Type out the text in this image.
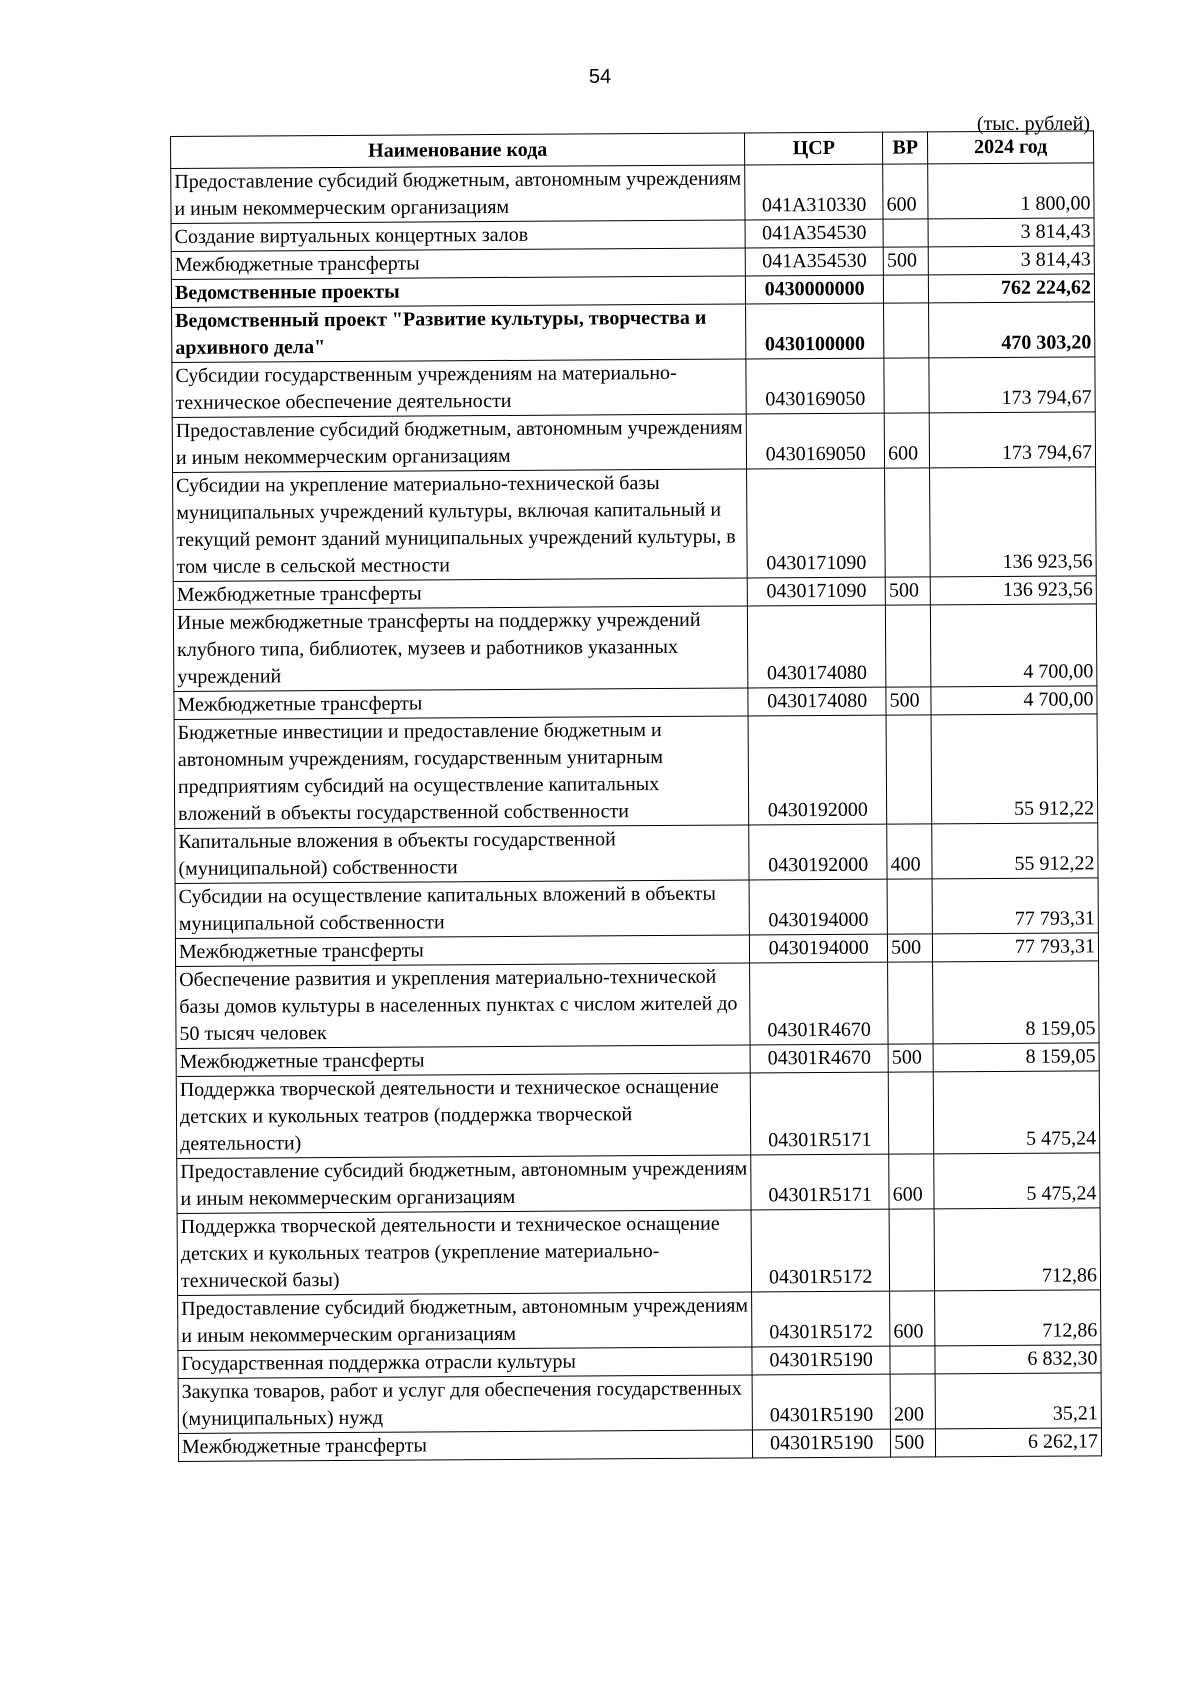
54
(тыс. рублей)
Наименование кода	ЦСР	ВР	2024 год
Предоставление субсидий бюджетным, автономным учреждениям и иным некоммерческим организациям	041A310330	600	1 800,00
Создание виртуальных концертных залов	041A354530		3 814,43
Межбюджетные трансферты	041A354530	500	3 814,43
Ведомственные проекты	0430000000		762 224,62
Ведомственный проект "Развитие культуры, творчества и архивного дела"	0430100000		470 303,20
Субсидии государственным учреждениям на материально-техническое обеспечение деятельности	0430169050		173 794,67
Предоставление субсидий бюджетным, автономным учреждениям и иным некоммерческим организациям	0430169050	600	173 794,67
Субсидии на укрепление материально-технической базы муниципальных учреждений культуры, включая капитальный и текущий ремонт зданий муниципальных учреждений культуры, в том числе в сельской местности	0430171090		136 923,56
Межбюджетные трансферты	0430171090	500	136 923,56
Иные межбюджетные трансферты на поддержку учреждений клубного типа, библиотек, музеев и работников указанных учреждений	0430174080		4 700,00
Межбюджетные трансферты	0430174080	500	4 700,00
Бюджетные инвестиции и предоставление бюджетным и автономным учреждениям, государственным унитарным предприятиям субсидий на осуществление капитальных вложений в объекты государственной собственности	0430192000		55 912,22
Капитальные вложения в объекты государственной (муниципальной) собственности	0430192000	400	55 912,22
Субсидии на осуществление капитальных вложений в объекты муниципальной собственности	0430194000		77 793,31
Межбюджетные трансферты	0430194000	500	77 793,31
Обеспечение развития и укрепления материально-технической базы домов культуры в населенных пунктах с числом жителей до 50 тысяч человек	04301R4670		8 159,05
Межбюджетные трансферты	04301R4670	500	8 159,05
Поддержка творческой деятельности и техническое оснащение детских и кукольных театров (поддержка творческой деятельности)	04301R5171		5 475,24
Предоставление субсидий бюджетным, автономным учреждениям и иным некоммерческим организациям	04301R5171	600	5 475,24
Поддержка творческой деятельности и техническое оснащение детских и кукольных театров (укрепление материально-технической базы)	04301R5172		712,86
Предоставление субсидий бюджетным, автономным учреждениям и иным некоммерческим организациям	04301R5172	600	712,86
Государственная поддержка отрасли культуры	04301R5190		6 832,30
Закупка товаров, работ и услуг для обеспечения государственных (муниципальных) нужд	04301R5190	200	35,21
Межбюджетные трансферты	04301R5190	500	6 262,17
